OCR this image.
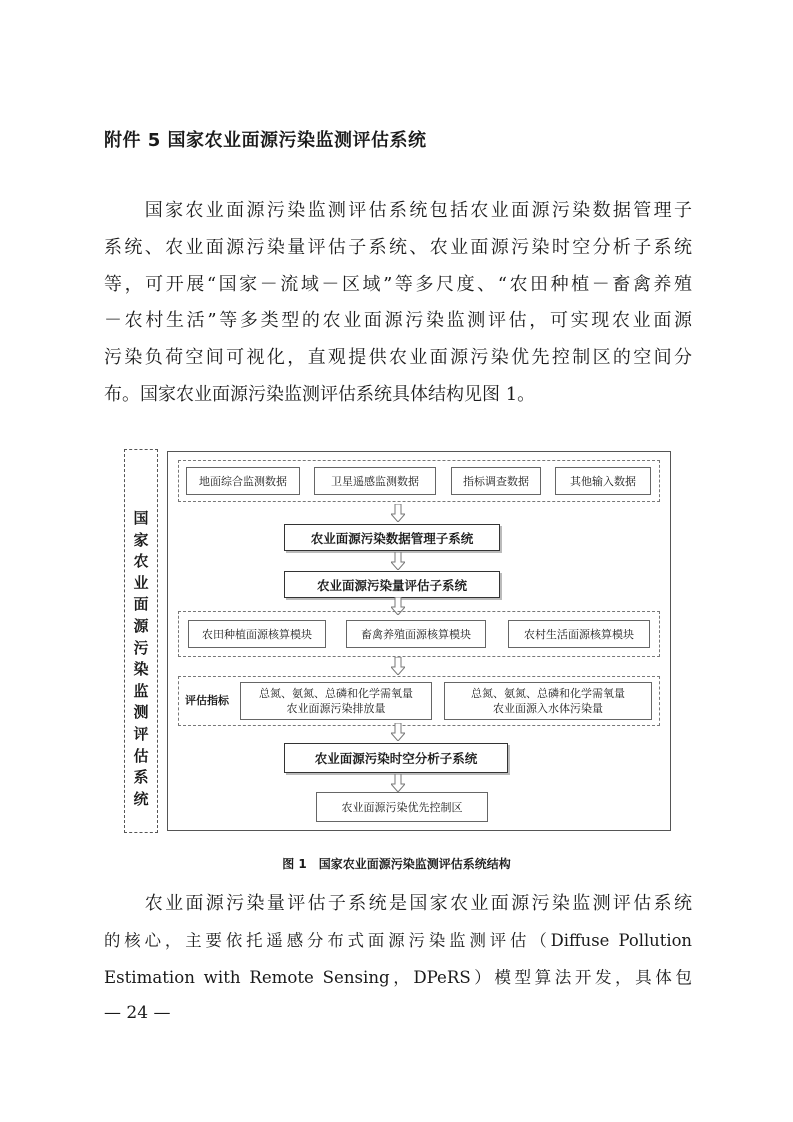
附件 5 国家农业面源污染监测评估系统
　　国家农业面源污染监测评估系统包括农业面源污染数据管理子
系统、农业面源污染量评估子系统、农业面源污染时空分析子系统
等，可开展“国家－流域－区域”等多尺度、“农田种植－畜禽养殖
－农村生活”等多类型的农业面源污染监测评估，可实现农业面源
污染负荷空间可视化，直观提供农业面源污染优先控制区的空间分
布。国家农业面源污染监测评估系统具体结构见图 1。
国
家
农
业
面
源
污
染
监
测
评
估
系
统
地面综合监测数据	卫星遥感监测数据	指标调查数据	其他输入数据
农业面源污染数据管理子系统
农业面源污染量评估子系统
农田种植面源核算模块	畜禽养殖面源核算模块	农村生活面源核算模块
评估指标
总氮、氨氮、总磷和化学需氧量
农业面源污染排放量
总氮、氨氮、总磷和化学需氧量
农业面源入水体污染量
农业面源污染时空分析子系统
农业面源污染优先控制区
图 1　国家农业面源污染监测评估系统结构
　　农业面源污染量评估子系统是国家农业面源污染监测评估系统
的核心，主要依托遥感分布式面源污染监测评估（Diffuse Pollution
Estimation with Remote Sensing，DPeRS）模型算法开发，具体包
— 24 —
